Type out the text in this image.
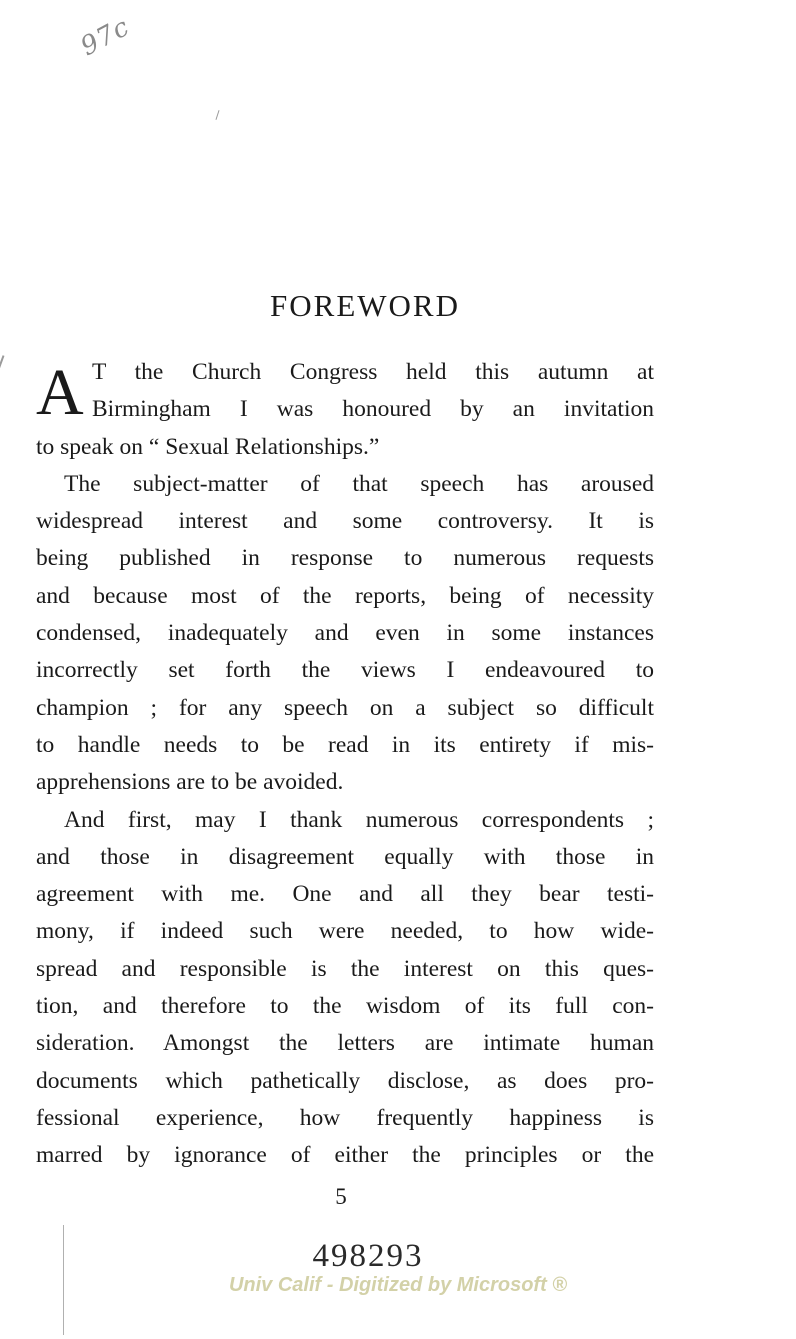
97c
FOREWORD
A T the Church Congress held this autumn at
Birmingham I was honoured by an invitation
to speak on “ Sexual Relationships.”
The subject-matter of that speech has aroused
widespread interest and some controversy. It is
being published in response to numerous requests
and because most of the reports, being of necessity
condensed, inadequately and even in some instances
incorrectly set forth the views I endeavoured to
champion ; for any speech on a subject so difficult
to handle needs to be read in its entirety if mis-
apprehensions are to be avoided.
And first, may I thank numerous correspondents ;
and those in disagreement equally with those in
agreement with me. One and all they bear testi-
mony, if indeed such were needed, to how wide-
spread and responsible is the interest on this ques-
tion, and therefore to the wisdom of its full con-
sideration. Amongst the letters are intimate human
documents which pathetically disclose, as does pro-
fessional experience, how frequently happiness is
marred by ignorance of either the principles or the
5
498293
Univ Calif - Digitized by Microsoft ®
